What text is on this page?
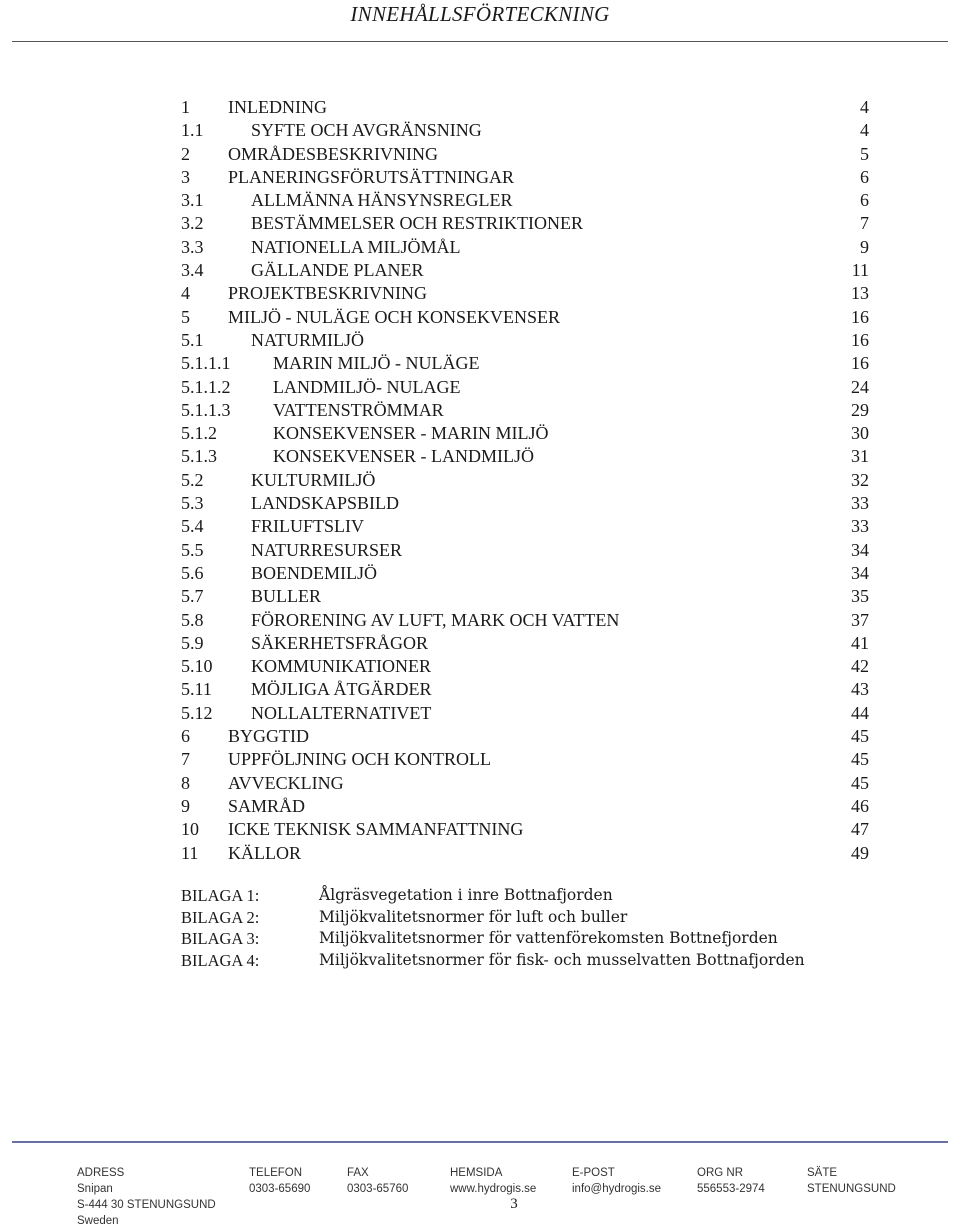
INNEHÅLLSFÖRTECKNING
1 INLEDNING	4
1.1	SYFTE OCH AVGRÄNSNING	4
2 OMRÅDESBESKRIVNING	5
3 PLANERINGSFÖRUTSÄTTNINGAR	6
3.1	ALLMÄNNA HÄNSYNSREGLER	6
3.2	BESTÄMMELSER OCH RESTRIKTIONER	7
3.3	NATIONELLA MILJÖMÅL	9
3.4	GÄLLANDE PLANER	11
4 PROJEKTBESKRIVNING	13
5 MILJÖ - NULÄGE OCH KONSEKVENSER	16
5.1	NATURMILJÖ	16
5.1.1.1 MARIN MILJÖ - NULÄGE	16
5.1.1.2 LANDMILJÖ- NULAGE	24
5.1.1.3 VATTENSTRÖMMAR	29
5.1.2	KONSEKVENSER - MARIN MILJÖ	30
5.1.3	KONSEKVENSER - LANDMILJÖ	31
5.2	KULTURMILJÖ	32
5.3	LANDSKAPSBILD	33
5.4	FRILUFTSLIV	33
5.5	NATURRESURSER	34
5.6	BOENDEMILJÖ	34
5.7	BULLER	35
5.8	FÖRORENING AV LUFT, MARK OCH VATTEN	37
5.9	SÄKERHETSFRÅGOR	41
5.10 KOMMUNIKATIONER	42
5.11 MÖJLIGA ÅTGÄRDER	43
5.12 NOLLALTERNATIVET	44
6 BYGGTID	45
7 UPPFÖLJNING OCH KONTROLL	45
8 AVVECKLING	45
9 SAMRÅD	46
10 ICKE TEKNISK SAMMANFATTNING	47
11 KÄLLOR	49
BILAGA 1:	Ålgräsvegetation i inre Bottnafjorden
BILAGA 2:	Miljökvalitetsnormer för luft och buller
BILAGA 3:	Miljökvalitetsnormer för vattenförekomsten Bottnefjorden
BILAGA 4:	Miljökvalitetsnormer för fisk- och musselvatten Bottnafjorden
ADRESS
Snipan
S-444 30 STENUNGSUND
Sweden
TELEFON
0303-65690
FAX
0303-65760
HEMSIDA
www.hydrogis.se
E-POST
info@hydrogis.se
ORG NR
556553-2974
SÄTE
STENUNGSUND
3
